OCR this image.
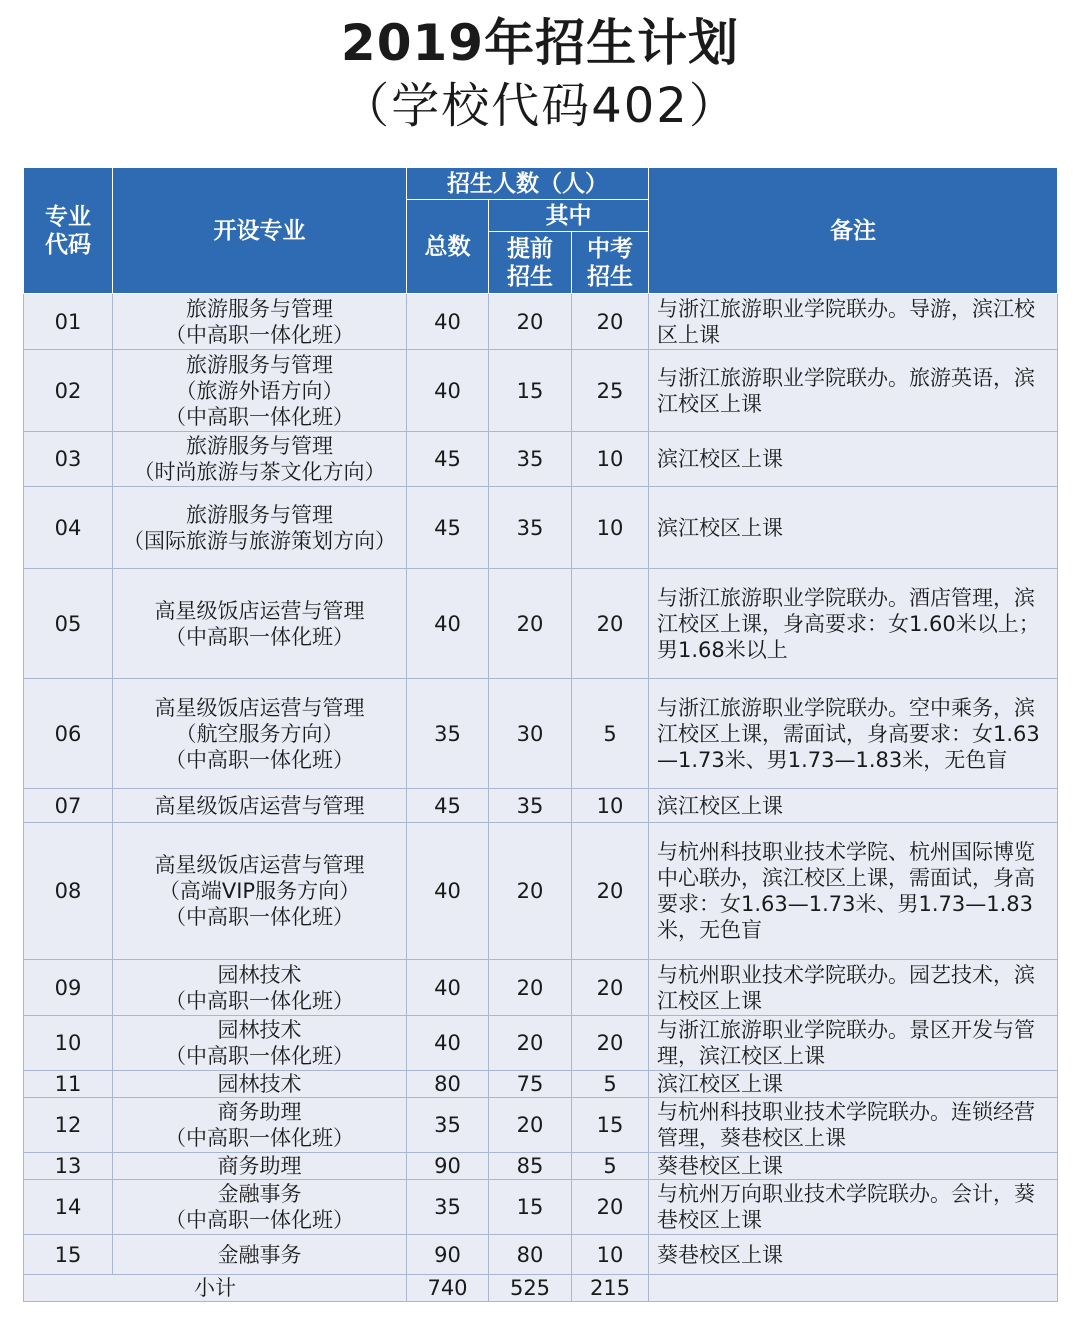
2019年招生计划
（学校代码402）
专业代码	开设专业	招生人数（人）			备注
		总数	其中		
			提前招生	中考招生	
01	旅游服务与管理
（中高职一体化班）	40	20	20	与浙江旅游职业学院联办。导游，滨江校区上课
02	旅游服务与管理
（旅游外语方向）
（中高职一体化班）	40	15	25	与浙江旅游职业学院联办。旅游英语，滨江校区上课
03	旅游服务与管理
（时尚旅游与茶文化方向）	45	35	10	滨江校区上课
04	旅游服务与管理
（国际旅游与旅游策划方向）	45	35	10	滨江校区上课
05	高星级饭店运营与管理
（中高职一体化班）	40	20	20	与浙江旅游职业学院联办。酒店管理，滨江校区上课，身高要求：女1.60米以上；男1.68米以上
06	高星级饭店运营与管理
（航空服务方向）
（中高职一体化班）	35	30	5	与浙江旅游职业学院联办。空中乘务，滨江校区上课，需面试，身高要求：女1.63—1.73米、男1.73—1.83米，无色盲
07	高星级饭店运营与管理	45	35	10	滨江校区上课
08	高星级饭店运营与管理
（高端VIP服务方向）
（中高职一体化班）	40	20	20	与杭州科技职业技术学院、杭州国际博览中心联办，滨江校区上课，需面试，身高要求：女1.63—1.73米、男1.73—1.83米，无色盲
09	园林技术
（中高职一体化班）	40	20	20	与杭州职业技术学院联办。园艺技术，滨江校区上课
10	园林技术
（中高职一体化班）	40	20	20	与浙江旅游职业学院联办。景区开发与管理，滨江校区上课
11	园林技术	80	75	5	滨江校区上课
12	商务助理
（中高职一体化班）	35	20	15	与杭州科技职业技术学院联办。连锁经营管理，葵巷校区上课
13	商务助理	90	85	5	葵巷校区上课
14	金融事务
（中高职一体化班）	35	15	20	与杭州万向职业技术学院联办。会计，葵巷校区上课
15	金融事务	90	80	10	葵巷校区上课
小计		740	525	215	
